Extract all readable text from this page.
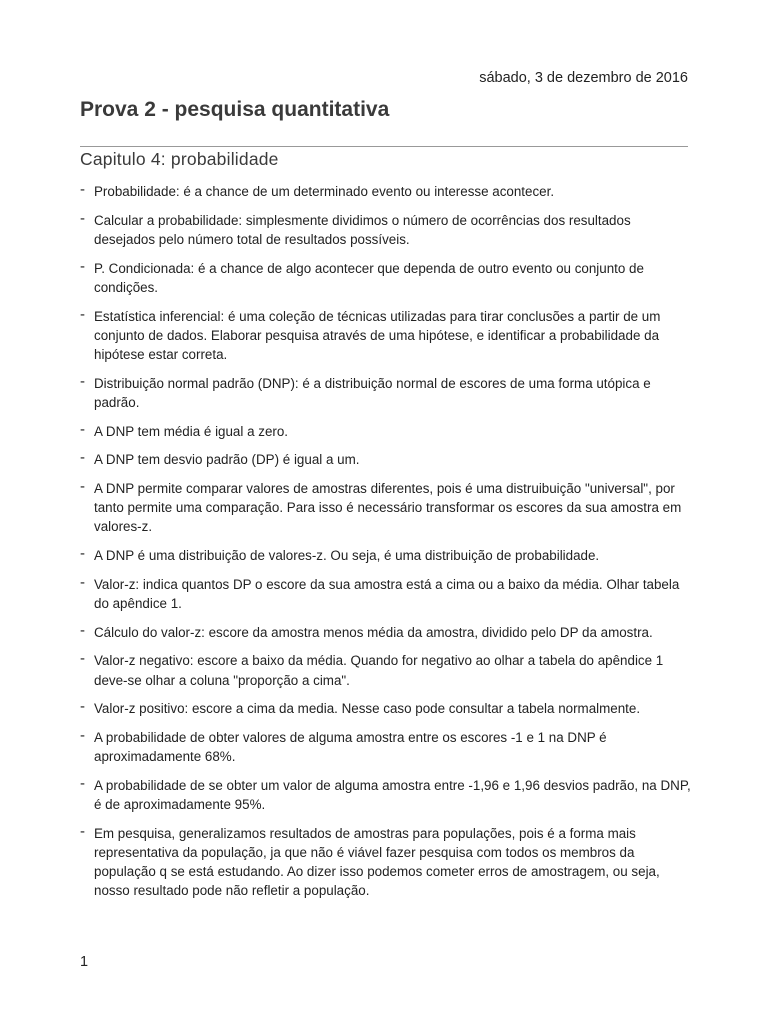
sábado, 3 de dezembro de 2016
Prova 2 - pesquisa quantitativa
Capitulo 4: probabilidade
- Probabilidade: é a chance de um determinado evento ou interesse acontecer.
- Calcular a probabilidade: simplesmente dividimos o número de ocorrências dos resultados desejados pelo número total de resultados possíveis.
- P. Condicionada: é a chance de algo acontecer que dependa de outro evento ou conjunto de condições.
- Estatística inferencial: é uma coleção de técnicas utilizadas para tirar conclusões a partir de um conjunto de dados. Elaborar pesquisa através de uma hipótese, e identificar a probabilidade da hipótese estar correta.
- Distribuição normal padrão (DNP): é a distribuição normal de escores de uma forma utópica e padrão.
- A DNP tem média é igual a zero.
- A DNP tem desvio padrão (DP) é igual a um.
- A DNP permite comparar valores de amostras diferentes, pois é uma distruibuição "universal", por tanto permite uma comparação. Para isso é necessário transformar os escores da sua amostra em valores-z.
- A DNP é uma distribuição de valores-z. Ou seja, é uma distribuição de probabilidade.
- Valor-z: indica quantos DP o escore da sua amostra está a cima ou a baixo da média. Olhar tabela do apêndice 1.
- Cálculo do valor-z: escore da amostra menos média da amostra, dividido pelo DP da amostra.
- Valor-z negativo: escore a baixo da média. Quando for negativo ao olhar a tabela do apêndice 1 deve-se olhar a coluna "proporção a cima".
- Valor-z positivo: escore a cima da media. Nesse caso pode consultar a tabela normalmente.
- A probabilidade de obter valores de alguma amostra entre os escores -1 e 1 na DNP é aproximadamente 68%.
- A probabilidade de se obter um valor de alguma amostra entre -1,96 e 1,96 desvios padrão, na DNP, é de aproximadamente 95%.
- Em pesquisa, generalizamos resultados de amostras para populações, pois é a forma mais representativa da população, ja que não é viável fazer pesquisa com todos os membros da população q se está estudando. Ao dizer isso podemos cometer erros de amostragem, ou seja, nosso resultado pode não refletir a população.
1
